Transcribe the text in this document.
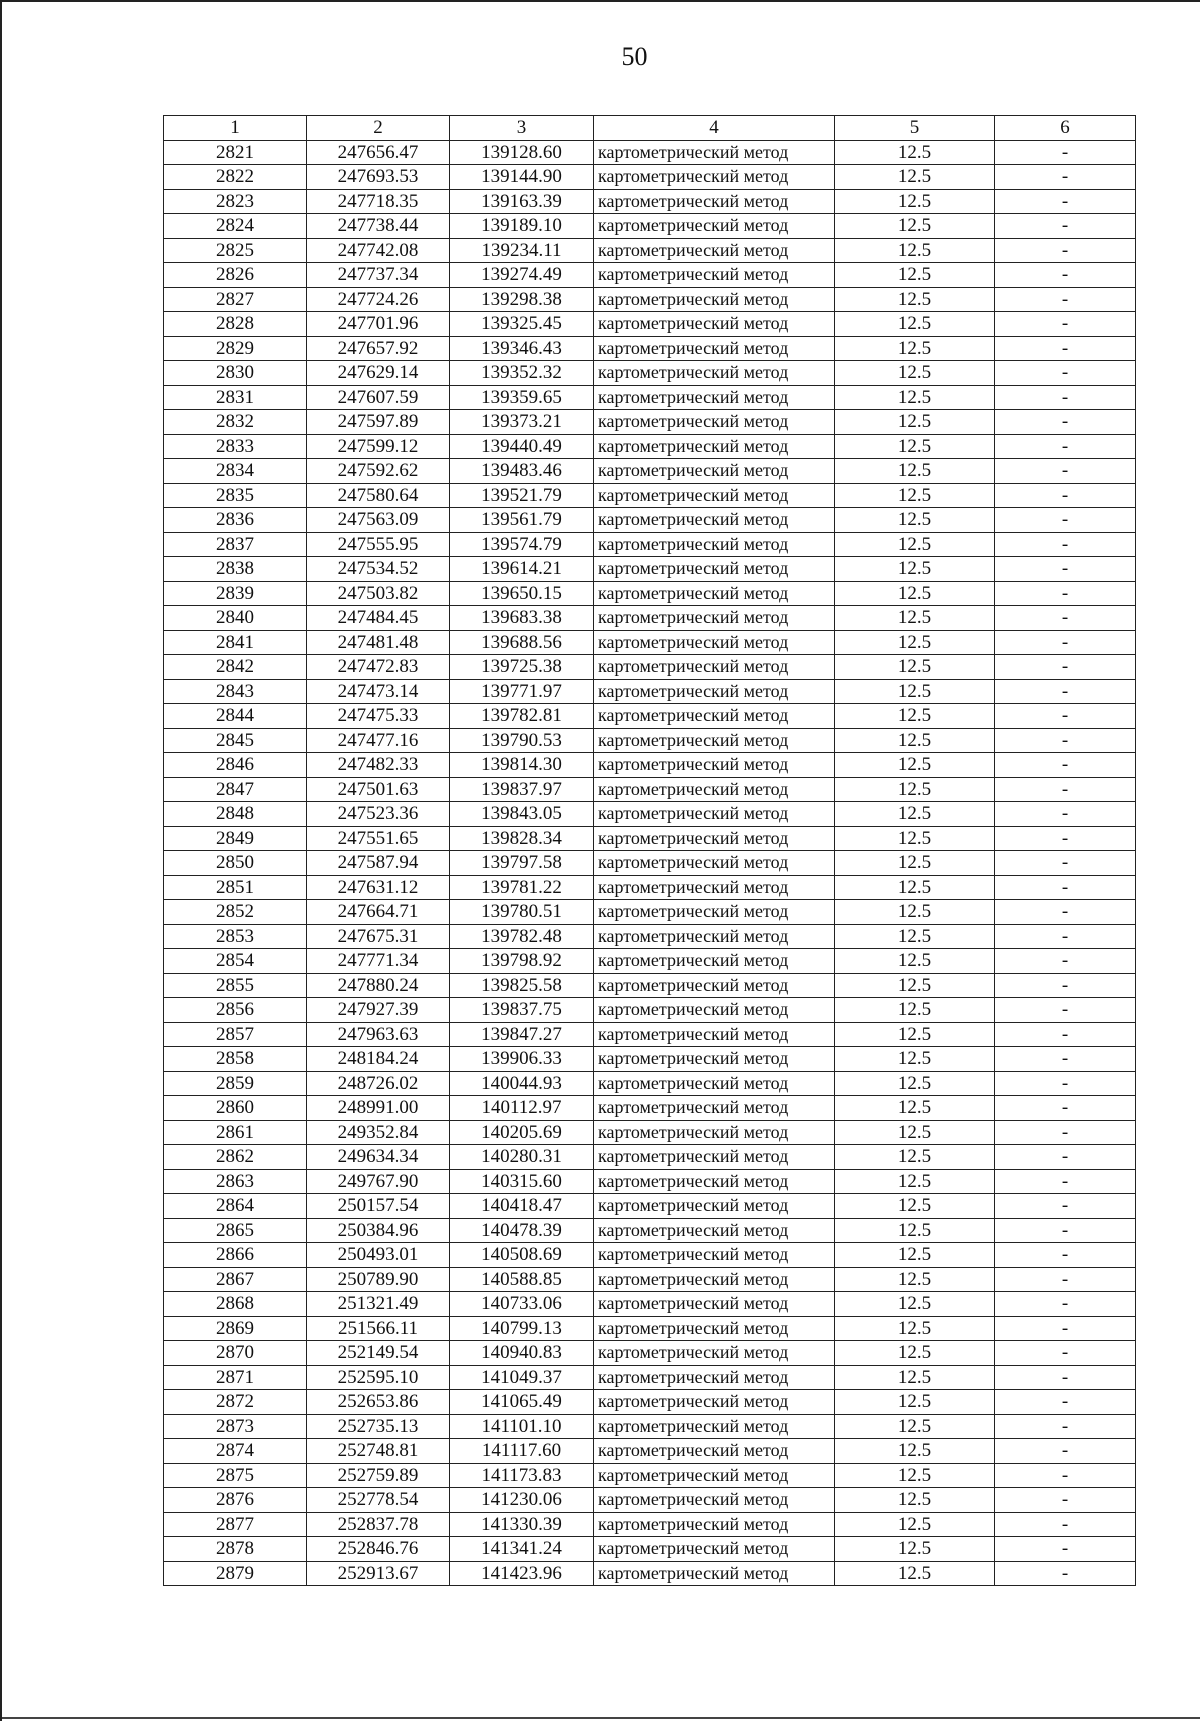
50
1	2	3	4	5	6
2821	247656.47	139128.60	картометрический метод	12.5	-
2822	247693.53	139144.90	картометрический метод	12.5	-
2823	247718.35	139163.39	картометрический метод	12.5	-
2824	247738.44	139189.10	картометрический метод	12.5	-
2825	247742.08	139234.11	картометрический метод	12.5	-
2826	247737.34	139274.49	картометрический метод	12.5	-
2827	247724.26	139298.38	картометрический метод	12.5	-
2828	247701.96	139325.45	картометрический метод	12.5	-
2829	247657.92	139346.43	картометрический метод	12.5	-
2830	247629.14	139352.32	картометрический метод	12.5	-
2831	247607.59	139359.65	картометрический метод	12.5	-
2832	247597.89	139373.21	картометрический метод	12.5	-
2833	247599.12	139440.49	картометрический метод	12.5	-
2834	247592.62	139483.46	картометрический метод	12.5	-
2835	247580.64	139521.79	картометрический метод	12.5	-
2836	247563.09	139561.79	картометрический метод	12.5	-
2837	247555.95	139574.79	картометрический метод	12.5	-
2838	247534.52	139614.21	картометрический метод	12.5	-
2839	247503.82	139650.15	картометрический метод	12.5	-
2840	247484.45	139683.38	картометрический метод	12.5	-
2841	247481.48	139688.56	картометрический метод	12.5	-
2842	247472.83	139725.38	картометрический метод	12.5	-
2843	247473.14	139771.97	картометрический метод	12.5	-
2844	247475.33	139782.81	картометрический метод	12.5	-
2845	247477.16	139790.53	картометрический метод	12.5	-
2846	247482.33	139814.30	картометрический метод	12.5	-
2847	247501.63	139837.97	картометрический метод	12.5	-
2848	247523.36	139843.05	картометрический метод	12.5	-
2849	247551.65	139828.34	картометрический метод	12.5	-
2850	247587.94	139797.58	картометрический метод	12.5	-
2851	247631.12	139781.22	картометрический метод	12.5	-
2852	247664.71	139780.51	картометрический метод	12.5	-
2853	247675.31	139782.48	картометрический метод	12.5	-
2854	247771.34	139798.92	картометрический метод	12.5	-
2855	247880.24	139825.58	картометрический метод	12.5	-
2856	247927.39	139837.75	картометрический метод	12.5	-
2857	247963.63	139847.27	картометрический метод	12.5	-
2858	248184.24	139906.33	картометрический метод	12.5	-
2859	248726.02	140044.93	картометрический метод	12.5	-
2860	248991.00	140112.97	картометрический метод	12.5	-
2861	249352.84	140205.69	картометрический метод	12.5	-
2862	249634.34	140280.31	картометрический метод	12.5	-
2863	249767.90	140315.60	картометрический метод	12.5	-
2864	250157.54	140418.47	картометрический метод	12.5	-
2865	250384.96	140478.39	картометрический метод	12.5	-
2866	250493.01	140508.69	картометрический метод	12.5	-
2867	250789.90	140588.85	картометрический метод	12.5	-
2868	251321.49	140733.06	картометрический метод	12.5	-
2869	251566.11	140799.13	картометрический метод	12.5	-
2870	252149.54	140940.83	картометрический метод	12.5	-
2871	252595.10	141049.37	картометрический метод	12.5	-
2872	252653.86	141065.49	картометрический метод	12.5	-
2873	252735.13	141101.10	картометрический метод	12.5	-
2874	252748.81	141117.60	картометрический метод	12.5	-
2875	252759.89	141173.83	картометрический метод	12.5	-
2876	252778.54	141230.06	картометрический метод	12.5	-
2877	252837.78	141330.39	картометрический метод	12.5	-
2878	252846.76	141341.24	картометрический метод	12.5	-
2879	252913.67	141423.96	картометрический метод	12.5	-
